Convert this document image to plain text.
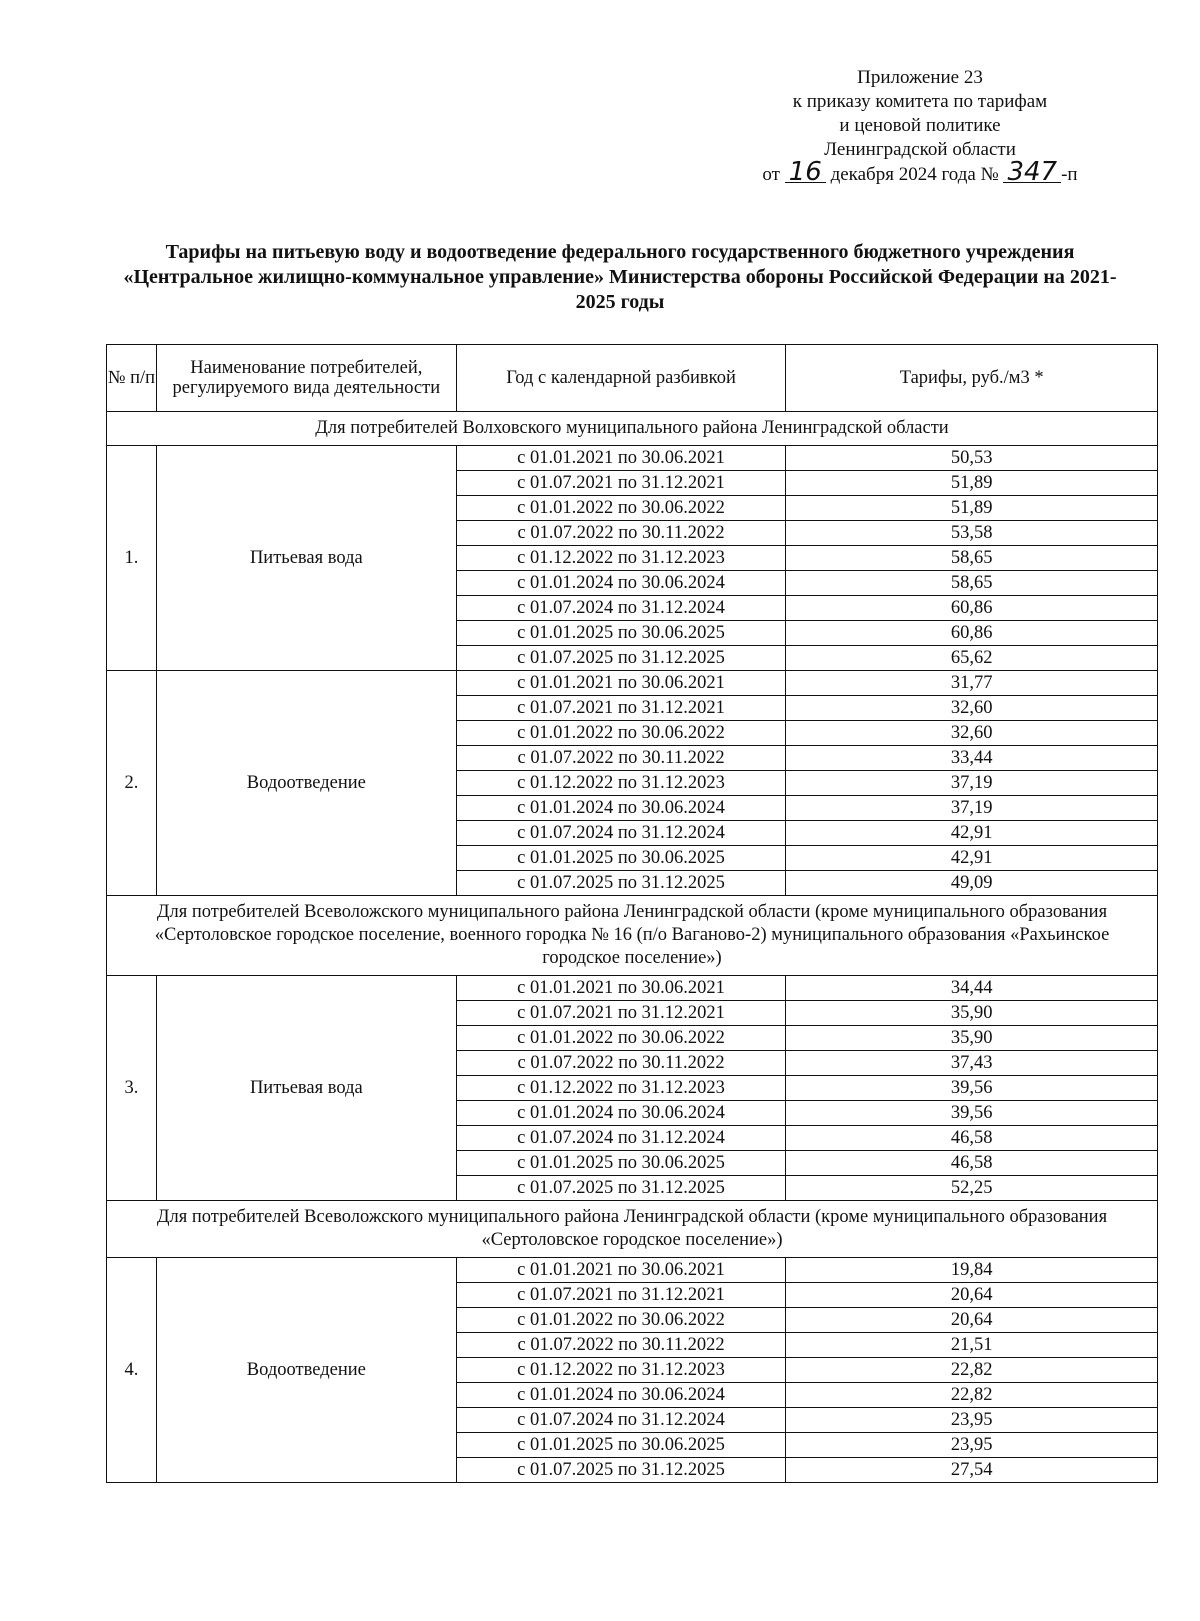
Приложение 23
к приказу комитета по тарифам
и ценовой политике
Ленинградской области
от 16 декабря 2024 года № 347 -п
Тарифы на питьевую воду и водоотведение федерального государственного бюджетного учреждения «Центральное жилищно-коммунальное управление» Министерства обороны Российской Федерации на 2021-2025 годы
№ п/п	Наименование потребителей, регулируемого вида деятельности	Год с календарной разбивкой	Тарифы, руб./м3 *
Для потребителей Волховского муниципального района Ленинградской области			
1.	Питьевая вода	с 01.01.2021 по 30.06.2021	50,53
		с 01.07.2021 по 31.12.2021	51,89
		с 01.01.2022 по 30.06.2022	51,89
		с 01.07.2022 по 30.11.2022	53,58
		с 01.12.2022 по 31.12.2023	58,65
		с 01.01.2024 по 30.06.2024	58,65
		с 01.07.2024 по 31.12.2024	60,86
		с 01.01.2025 по 30.06.2025	60,86
		с 01.07.2025 по 31.12.2025	65,62
2.	Водоотведение	с 01.01.2021 по 30.06.2021	31,77
		с 01.07.2021 по 31.12.2021	32,60
		с 01.01.2022 по 30.06.2022	32,60
		с 01.07.2022 по 30.11.2022	33,44
		с 01.12.2022 по 31.12.2023	37,19
		с 01.01.2024 по 30.06.2024	37,19
		с 01.07.2024 по 31.12.2024	42,91
		с 01.01.2025 по 30.06.2025	42,91
		с 01.07.2025 по 31.12.2025	49,09
Для потребителей Всеволожского муниципального района Ленинградской области (кроме муниципального образования «Сертоловское городское поселение, военного городка № 16 (п/о Ваганово-2) муниципального образования «Рахьинское городское поселение»)			
3.	Питьевая вода	с 01.01.2021 по 30.06.2021	34,44
		с 01.07.2021 по 31.12.2021	35,90
		с 01.01.2022 по 30.06.2022	35,90
		с 01.07.2022 по 30.11.2022	37,43
		с 01.12.2022 по 31.12.2023	39,56
		с 01.01.2024 по 30.06.2024	39,56
		с 01.07.2024 по 31.12.2024	46,58
		с 01.01.2025 по 30.06.2025	46,58
		с 01.07.2025 по 31.12.2025	52,25
Для потребителей Всеволожского муниципального района Ленинградской области (кроме муниципального образования «Сертоловское городское поселение»)			
4.	Водоотведение	с 01.01.2021 по 30.06.2021	19,84
		с 01.07.2021 по 31.12.2021	20,64
		с 01.01.2022 по 30.06.2022	20,64
		с 01.07.2022 по 30.11.2022	21,51
		с 01.12.2022 по 31.12.2023	22,82
		с 01.01.2024 по 30.06.2024	22,82
		с 01.07.2024 по 31.12.2024	23,95
		с 01.01.2025 по 30.06.2025	23,95
		с 01.07.2025 по 31.12.2025	27,54
